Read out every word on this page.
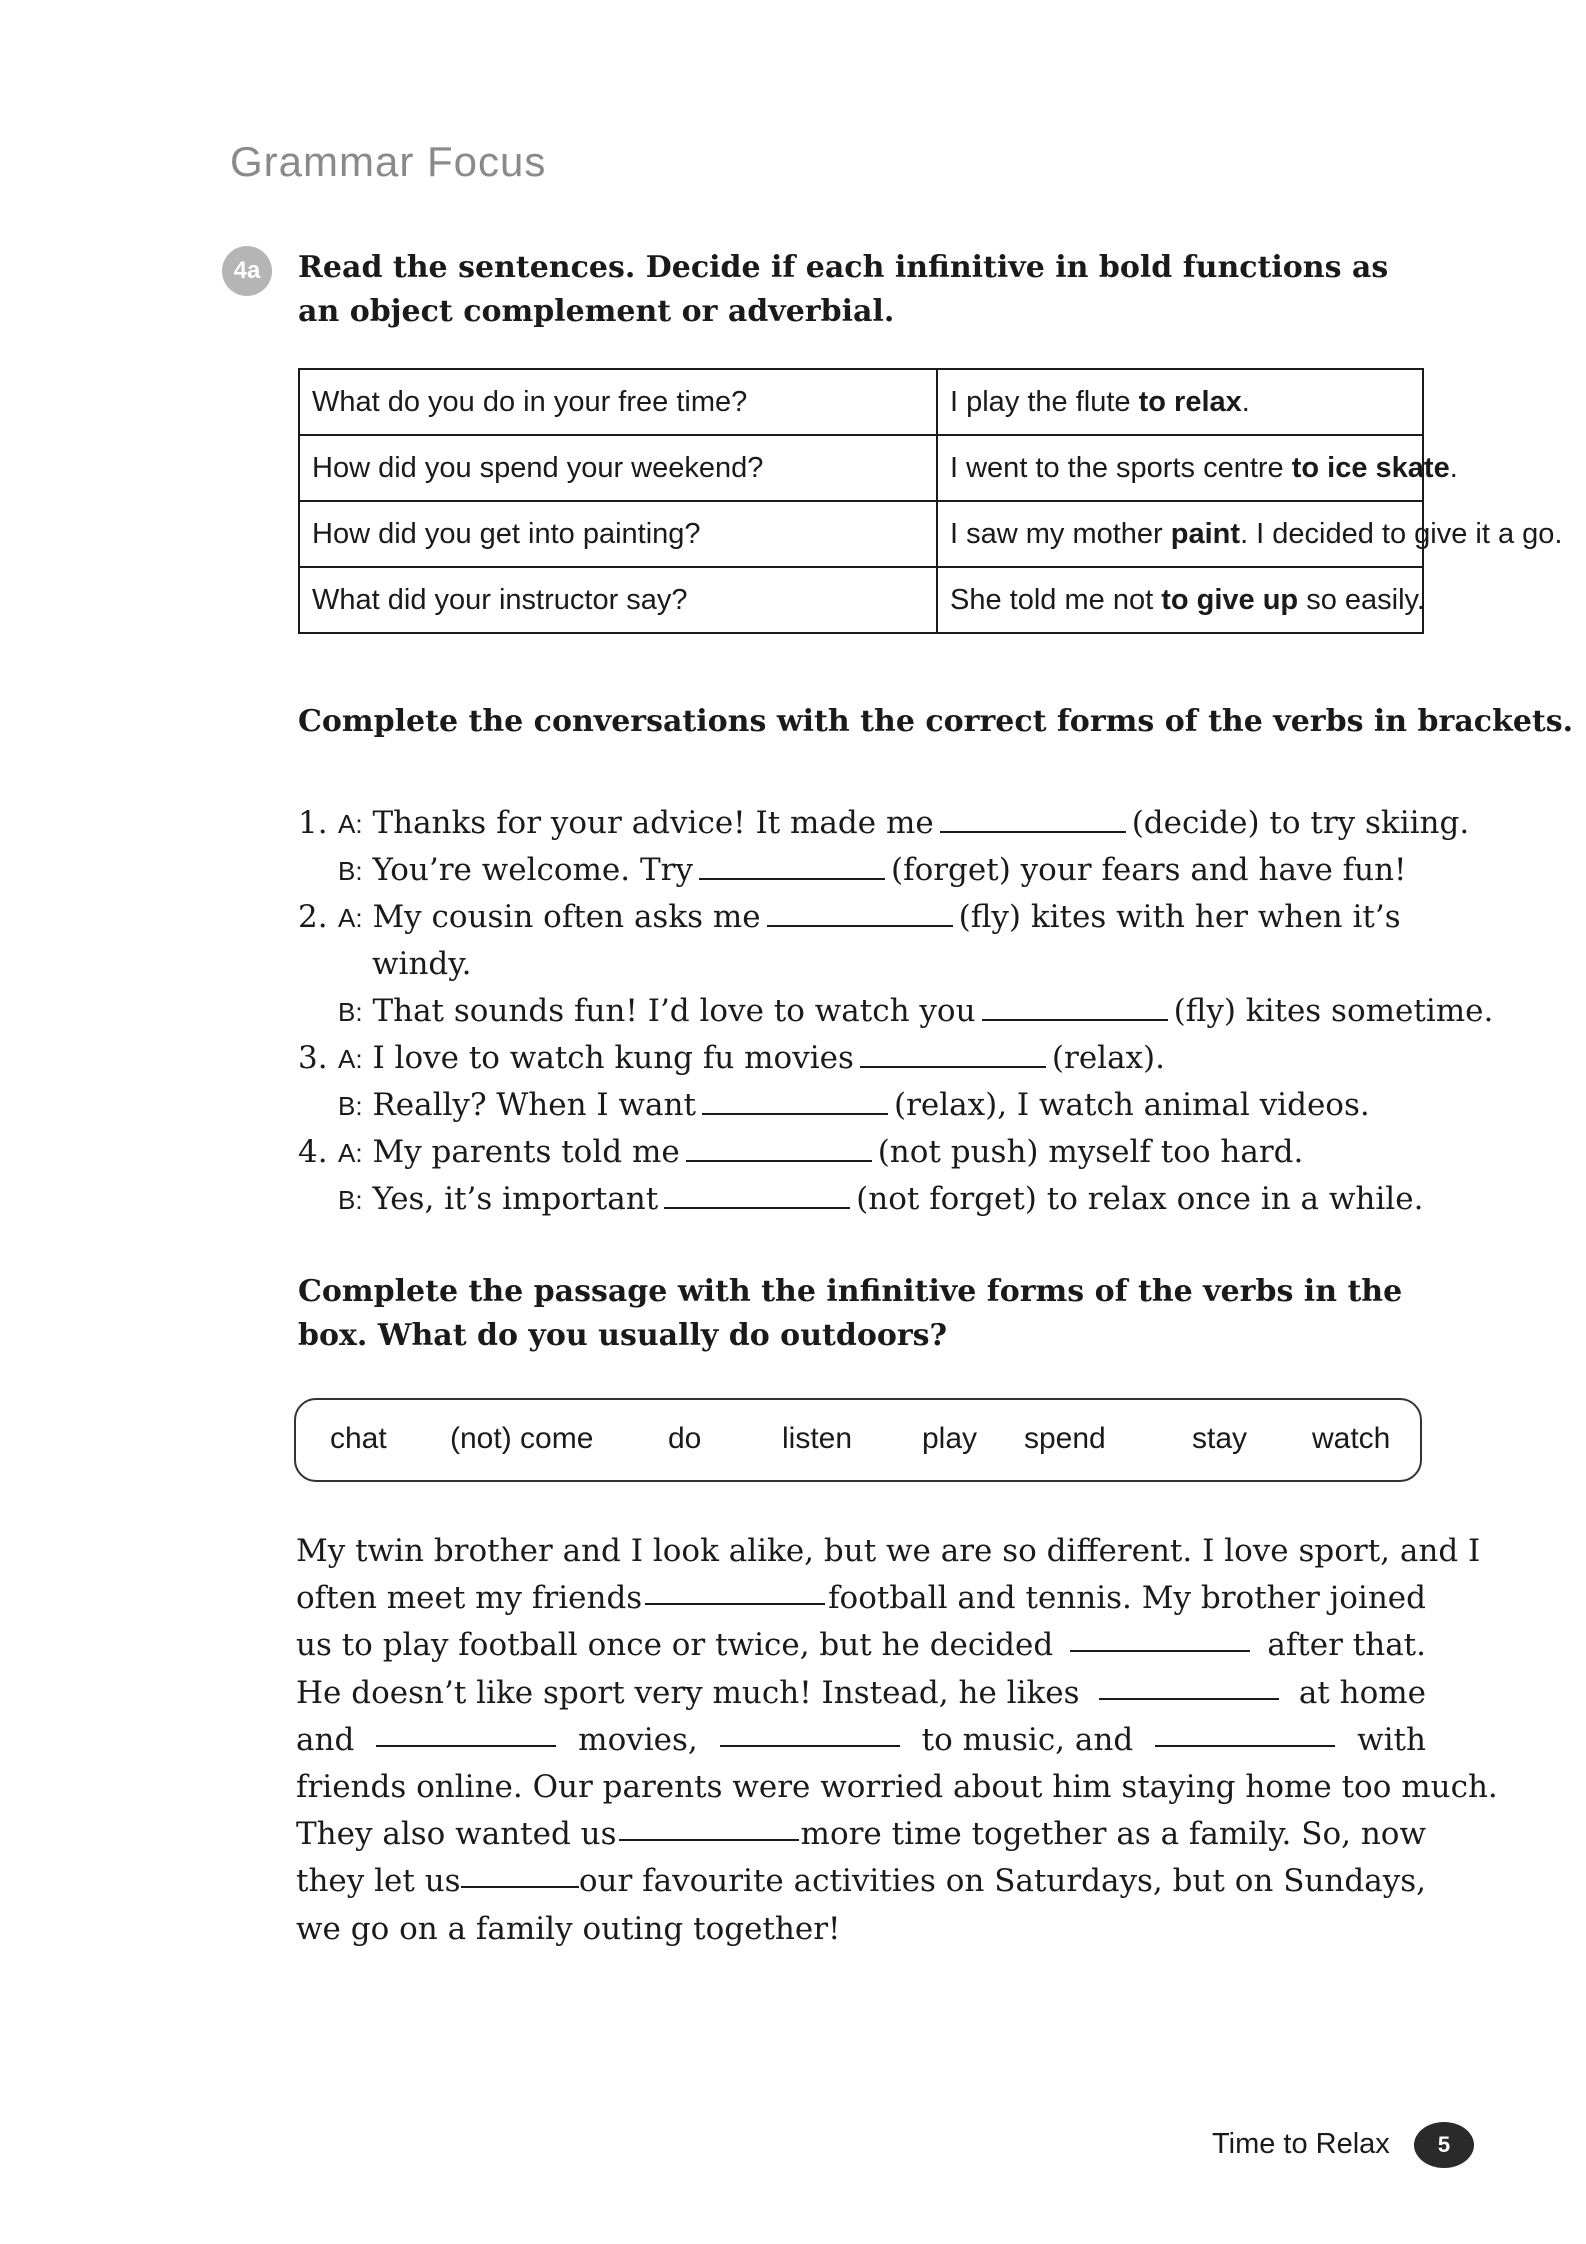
Grammar Focus
4a	Read the sentences. Decide if each infinitive in bold functions as an object complement or adverbial.
What do you do in your free time?	I play the flute to relax.
How did you spend your weekend?	I went to the sports centre to ice skate.
How did you get into painting?	I saw my mother paint. I decided to give it a go.
What did your instructor say?	She told me not to give up so easily.
Complete the conversations with the correct forms of the verbs in brackets.
1. A: Thanks for your advice! It made me	(decide) to try skiing.
B: You’re welcome. Try	(forget) your fears and have fun!
2. A: My cousin often asks me	(fly) kites with her when it’s
windy.
B: That sounds fun! I’d love to watch you	(fly) kites sometime.
3. A: I love to watch kung fu movies	(relax).
B: Really? When I want	(relax), I watch animal videos.
4. A: My parents told me	(not push) myself too hard.
B: Yes, it’s important	(not forget) to relax once in a while.
Complete the passage with the infinitive forms of the verbs in the box. What do you usually do outdoors?
chat (not) come do	listen play spend	stay watch
My twin brother and I look alike, but we are so different. I love sport, and I
often meet my friends	football and tennis. My brother joined
us to play football once or twice, but he decided	after that.
He doesn’t like sport very much! Instead, he likes	at home
and	movies,	to music, and	with
friends online. Our parents were worried about him staying home too much.
They also wanted us	more time together as a family. So, now
they let us	our favourite activities on Saturdays, but on Sundays,
we go on a family outing together!
Time to Relax	5
